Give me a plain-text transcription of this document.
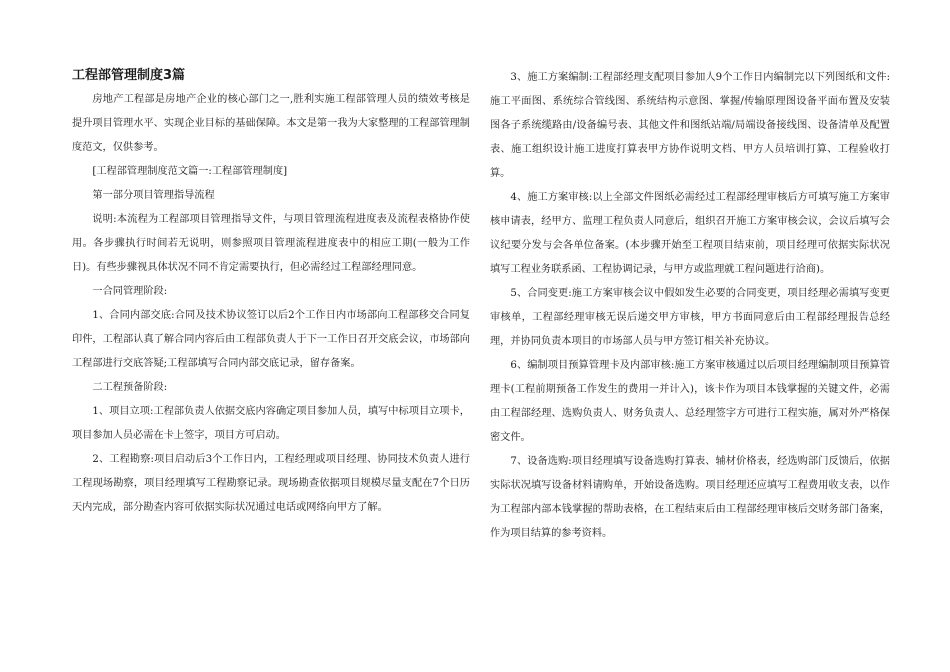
工程部管理制度3篇

房地产工程部是房地产企业的核心部门之一,胜利实施工程部管理人员的绩效考核是提升项目管理水平、实现企业目标的基础保障。本文是第一我为大家整理的工程部管理制度范文，仅供参考。

[工程部管理制度范文篇一:工程部管理制度]

第一部分项目管理指导流程

说明:本流程为工程部项目管理指导文件，与项目管理流程进度表及流程表格协作使用。各步骤执行时间若无说明，则参照项目管理流程进度表中的相应工期(一般为工作日)。有些步骤视具体状况不同不肯定需要执行，但必需经过工程部经理同意。

一合同管理阶段:

1、合同内部交底:合同及技术协议签订以后2个工作日内市场部向工程部移交合同复印件，工程部认真了解合同内容后由工程部负责人于下一工作日召开交底会议，市场部向工程部进行交底答疑;工程部填写合同内部交底记录，留存备案。

二工程预备阶段:

1、项目立项:工程部负责人依据交底内容确定项目参加人员，填写中标项目立项卡，项目参加人员必需在卡上签字，项目方可启动。

2、工程勘察:项目启动后3个工作日内，工程经理或项目经理、协同技术负责人进行工程现场勘察，项目经理填写工程勘察记录。现场勘查依据项目规模尽量支配在7个日历天内完成，部分勘查内容可依据实际状况通过电话或网络向甲方了解。

3、施工方案编制:工程部经理支配项目参加人9个工作日内编制完以下列图纸和文件:施工平面图、系统综合管线图、系统结构示意图、掌握/传输原理图设备平面布置及安装图各子系统缆路由/设备编号表、其他文件和图纸站端/局端设备接线图、设备清单及配置表、施工组织设计施工进度打算表甲方协作说明文档、甲方人员培训打算、工程验收打算。

4、施工方案审核:以上全部文件图纸必需经过工程部经理审核后方可填写施工方案审核申请表，经甲方、监理工程负责人同意后，组织召开施工方案审核会议，会议后填写会议纪要分发与会各单位备案。(本步骤开始至工程项目结束前，项目经理可依据实际状况填写工程业务联系函、工程协调记录，与甲方或监理就工程问题进行洽商)。

5、合同变更:施工方案审核会议中假如发生必要的合同变更，项目经理必需填写变更审核单，工程部经理审核无误后递交甲方审核，甲方书面同意后由工程部经理报告总经理，并协同负责本项目的市场部人员与甲方签订相关补充协议。

6、编制项目预算管理卡及内部审核:施工方案审核通过以后项目经理编制项目预算管理卡(工程前期预备工作发生的费用一并计入)，该卡作为项目本钱掌握的关键文件，必需由工程部经理、选购负责人、财务负责人、总经理签字方可进行工程实施，属对外严格保密文件。

7、设备选购:项目经理填写设备选购打算表、辅材价格表，经选购部门反馈后，依据实际状况填写设备材料请购单，开始设备选购。项目经理还应填写工程费用收支表，以作为工程部内部本钱掌握的帮助表格，在工程结束后由工程部经理审核后交财务部门备案，作为项目结算的参考资料。
